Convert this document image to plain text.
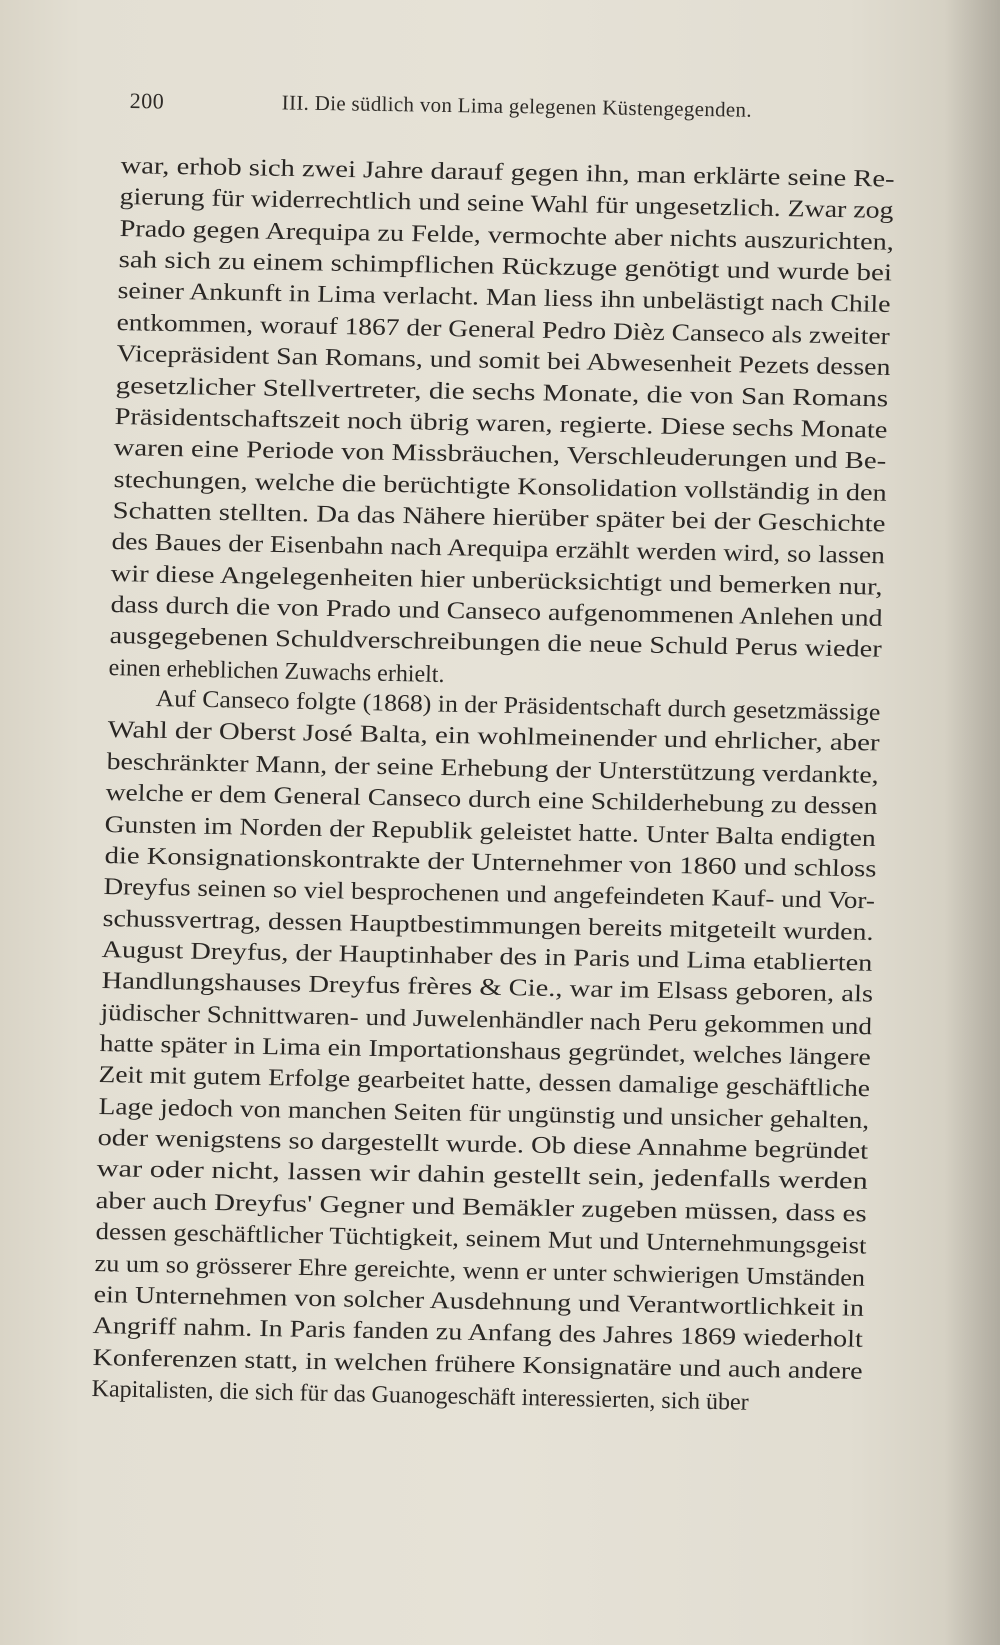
200	III. Die südlich von Lima gelegenen Küstengegenden.
war, erhob sich zwei Jahre darauf gegen ihn, man erklärte seine Re-
gierung für widerrechtlich und seine Wahl für ungesetzlich. Zwar zog
Prado gegen Arequipa zu Felde, vermochte aber nichts auszurichten,
sah sich zu einem schimpflichen Rückzuge genötigt und wurde bei
seiner Ankunft in Lima verlacht. Man liess ihn unbelästigt nach Chile
entkommen, worauf 1867 der General Pedro Dièz Canseco als zweiter
Vicepräsident San Romans, und somit bei Abwesenheit Pezets dessen
gesetzlicher Stellvertreter, die sechs Monate, die von San Romans
Präsidentschaftszeit noch übrig waren, regierte. Diese sechs Monate
waren eine Periode von Missbräuchen, Verschleuderungen und Be-
stechungen, welche die berüchtigte Konsolidation vollständig in den
Schatten stellten. Da das Nähere hierüber später bei der Geschichte
des Baues der Eisenbahn nach Arequipa erzählt werden wird, so lassen
wir diese Angelegenheiten hier unberücksichtigt und bemerken nur,
dass durch die von Prado und Canseco aufgenommenen Anlehen und
ausgegebenen Schuldverschreibungen die neue Schuld Perus wieder
einen erheblichen Zuwachs erhielt.
Auf Canseco folgte (1868) in der Präsidentschaft durch gesetzmässige
Wahl der Oberst José Balta, ein wohlmeinender und ehrlicher, aber
beschränkter Mann, der seine Erhebung der Unterstützung verdankte,
welche er dem General Canseco durch eine Schilderhebung zu dessen
Gunsten im Norden der Republik geleistet hatte. Unter Balta endigten
die Konsignationskontrakte der Unternehmer von 1860 und schloss
Dreyfus seinen so viel besprochenen und angefeindeten Kauf- und Vor-
schussvertrag, dessen Hauptbestimmungen bereits mitgeteilt wurden.
August Dreyfus, der Hauptinhaber des in Paris und Lima etablierten
Handlungshauses Dreyfus frères & Cie., war im Elsass geboren, als
jüdischer Schnittwaren- und Juwelenhändler nach Peru gekommen und
hatte später in Lima ein Importationshaus gegründet, welches längere
Zeit mit gutem Erfolge gearbeitet hatte, dessen damalige geschäftliche
Lage jedoch von manchen Seiten für ungünstig und unsicher gehalten,
oder wenigstens so dargestellt wurde. Ob diese Annahme begründet
war oder nicht, lassen wir dahin gestellt sein, jedenfalls werden
aber auch Dreyfus' Gegner und Bemäkler zugeben müssen, dass es
dessen geschäftlicher Tüchtigkeit, seinem Mut und Unternehmungsgeist
zu um so grösserer Ehre gereichte, wenn er unter schwierigen Umständen
ein Unternehmen von solcher Ausdehnung und Verantwortlichkeit in
Angriff nahm. In Paris fanden zu Anfang des Jahres 1869 wiederholt
Konferenzen statt, in welchen frühere Konsignatäre und auch andere
Kapitalisten, die sich für das Guanogeschäft interessierten, sich über
